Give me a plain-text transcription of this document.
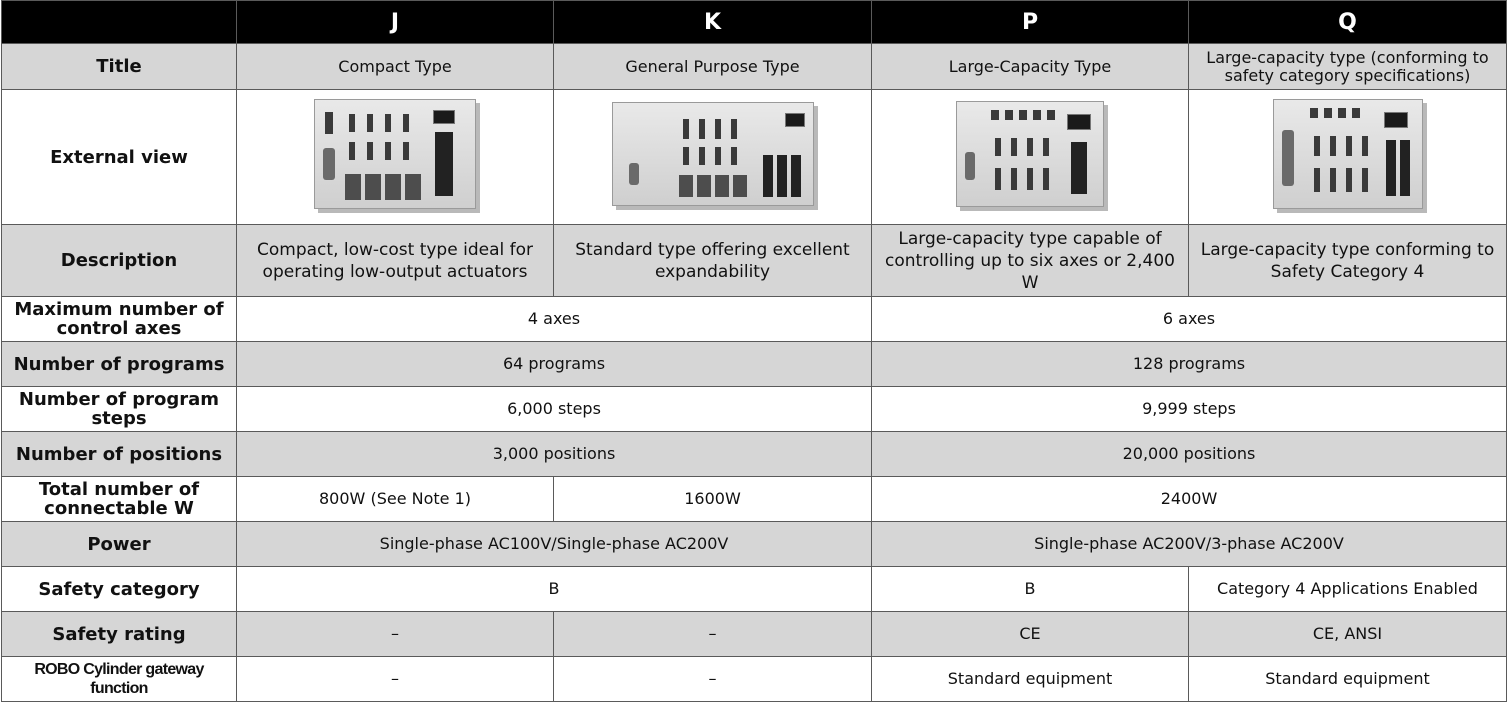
	J	K	P	Q
Title	Compact Type	General Purpose Type	Large-Capacity Type	Large-capacity type (conforming to safety category specifications)
External view	

Description	Compact, low-cost type ideal for operating low-output actuators	Standard type offering excellent expandability	Large-capacity type capable of controlling up to six axes or 2,400 W	Large-capacity type conforming to Safety Category 4
Maximum number of control axes	4 axes		6 axes	
Number of programs	64 programs		128 programs	
Number of program steps	6,000 steps		9,999 steps	
Number of positions	3,000 positions		20,000 positions	
Total number of connectable W	800W (See Note 1)	1600W	2400W	
Power	Single-phase AC100V/Single-phase AC200V		Single-phase AC200V/3-phase AC200V	
Safety category	B		B	Category 4 Applications Enabled
Safety rating	–	–	CE	CE, ANSI
ROBO Cylinder gateway function	–	–	Standard equipment	Standard equipment
